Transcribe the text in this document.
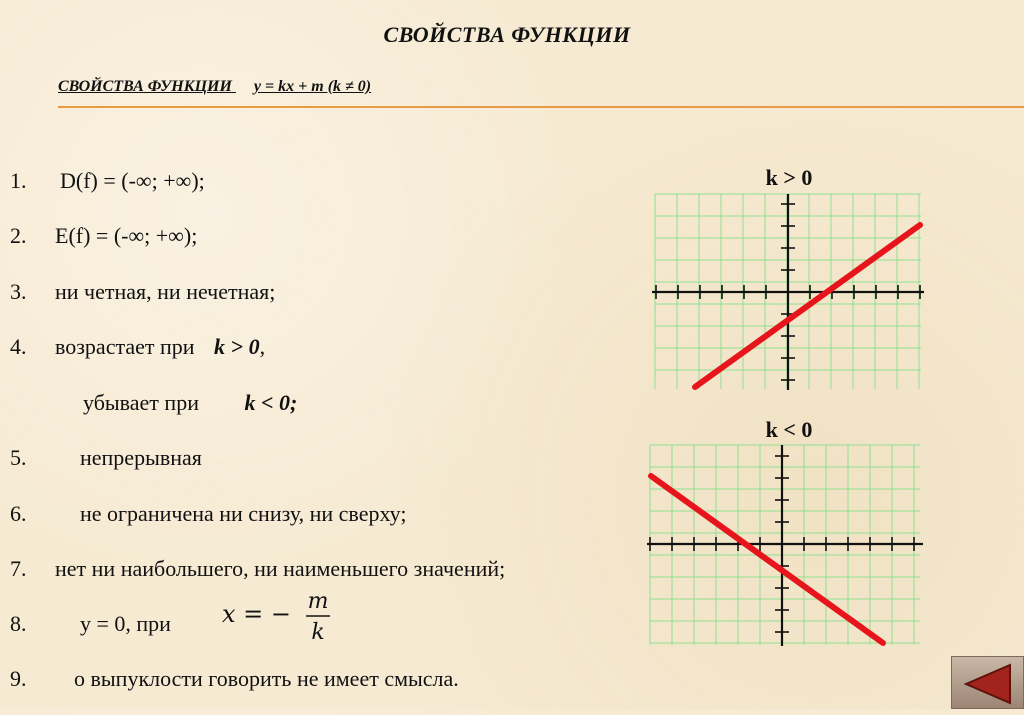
СВОЙСТВА ФУНКЦИИ
СВОЙСТВА ФУНКЦИИ y = kx + m (k ≠ 0)
1. D(f) = (-∞; +∞);
2. E(f) = (-∞; +∞);
3. ни четная, ни нечетная;
4. возрастает при k > 0,
убывает при k < 0;
5. непрерывная
6. не ограничена ни снизу, ни сверху;
7. нет ни наибольшего, ни наименьшего значений;
8. y = 0, при
9. о выпуклости говорить не имеет смысла.
x = − m
k
k > 0
k < 0
